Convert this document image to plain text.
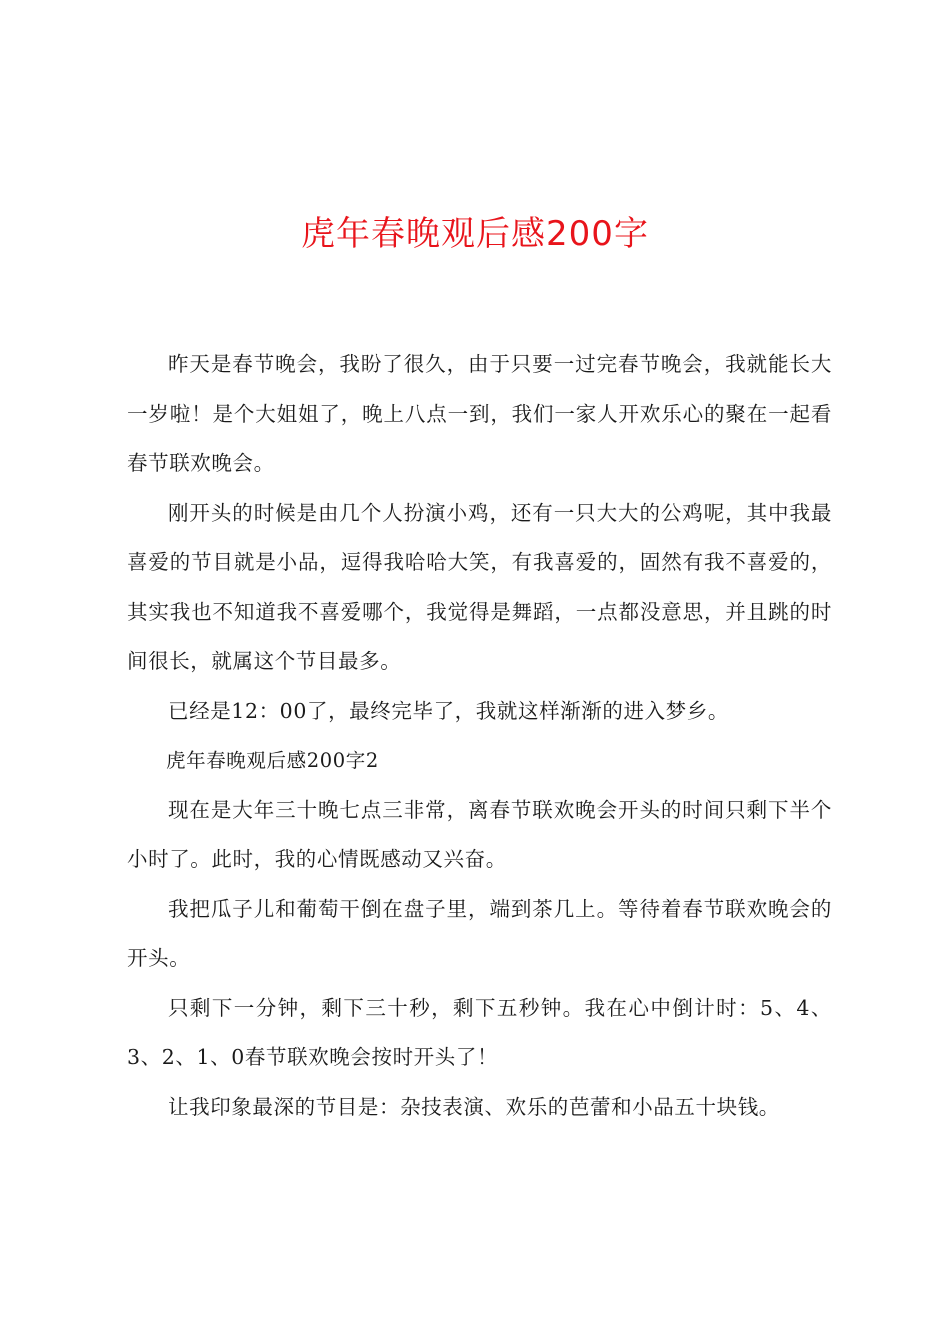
虎年春晚观后感200字

昨天是春节晚会，我盼了很久，由于只要一过完春节晚会，我就能长大一岁啦！是个大姐姐了，晚上八点一到，我们一家人开欢乐心的聚在一起看春节联欢晚会。

刚开头的时候是由几个人扮演小鸡，还有一只大大的公鸡呢，其中我最喜爱的节目就是小品，逗得我哈哈大笑，有我喜爱的，固然有我不喜爱的，其实我也不知道我不喜爱哪个，我觉得是舞蹈，一点都没意思，并且跳的时间很长，就属这个节目最多。

已经是12：00了，最终完毕了，我就这样渐渐的进入梦乡。

虎年春晚观后感200字2

现在是大年三十晚七点三非常，离春节联欢晚会开头的时间只剩下半个小时了。此时，我的心情既感动又兴奋。

我把瓜子儿和葡萄干倒在盘子里，端到茶几上。等待着春节联欢晚会的开头。

只剩下一分钟，剩下三十秒，剩下五秒钟。我在心中倒计时：5、4、3、2、1、0春节联欢晚会按时开头了！

让我印象最深的节目是：杂技表演、欢乐的芭蕾和小品五十块钱。
